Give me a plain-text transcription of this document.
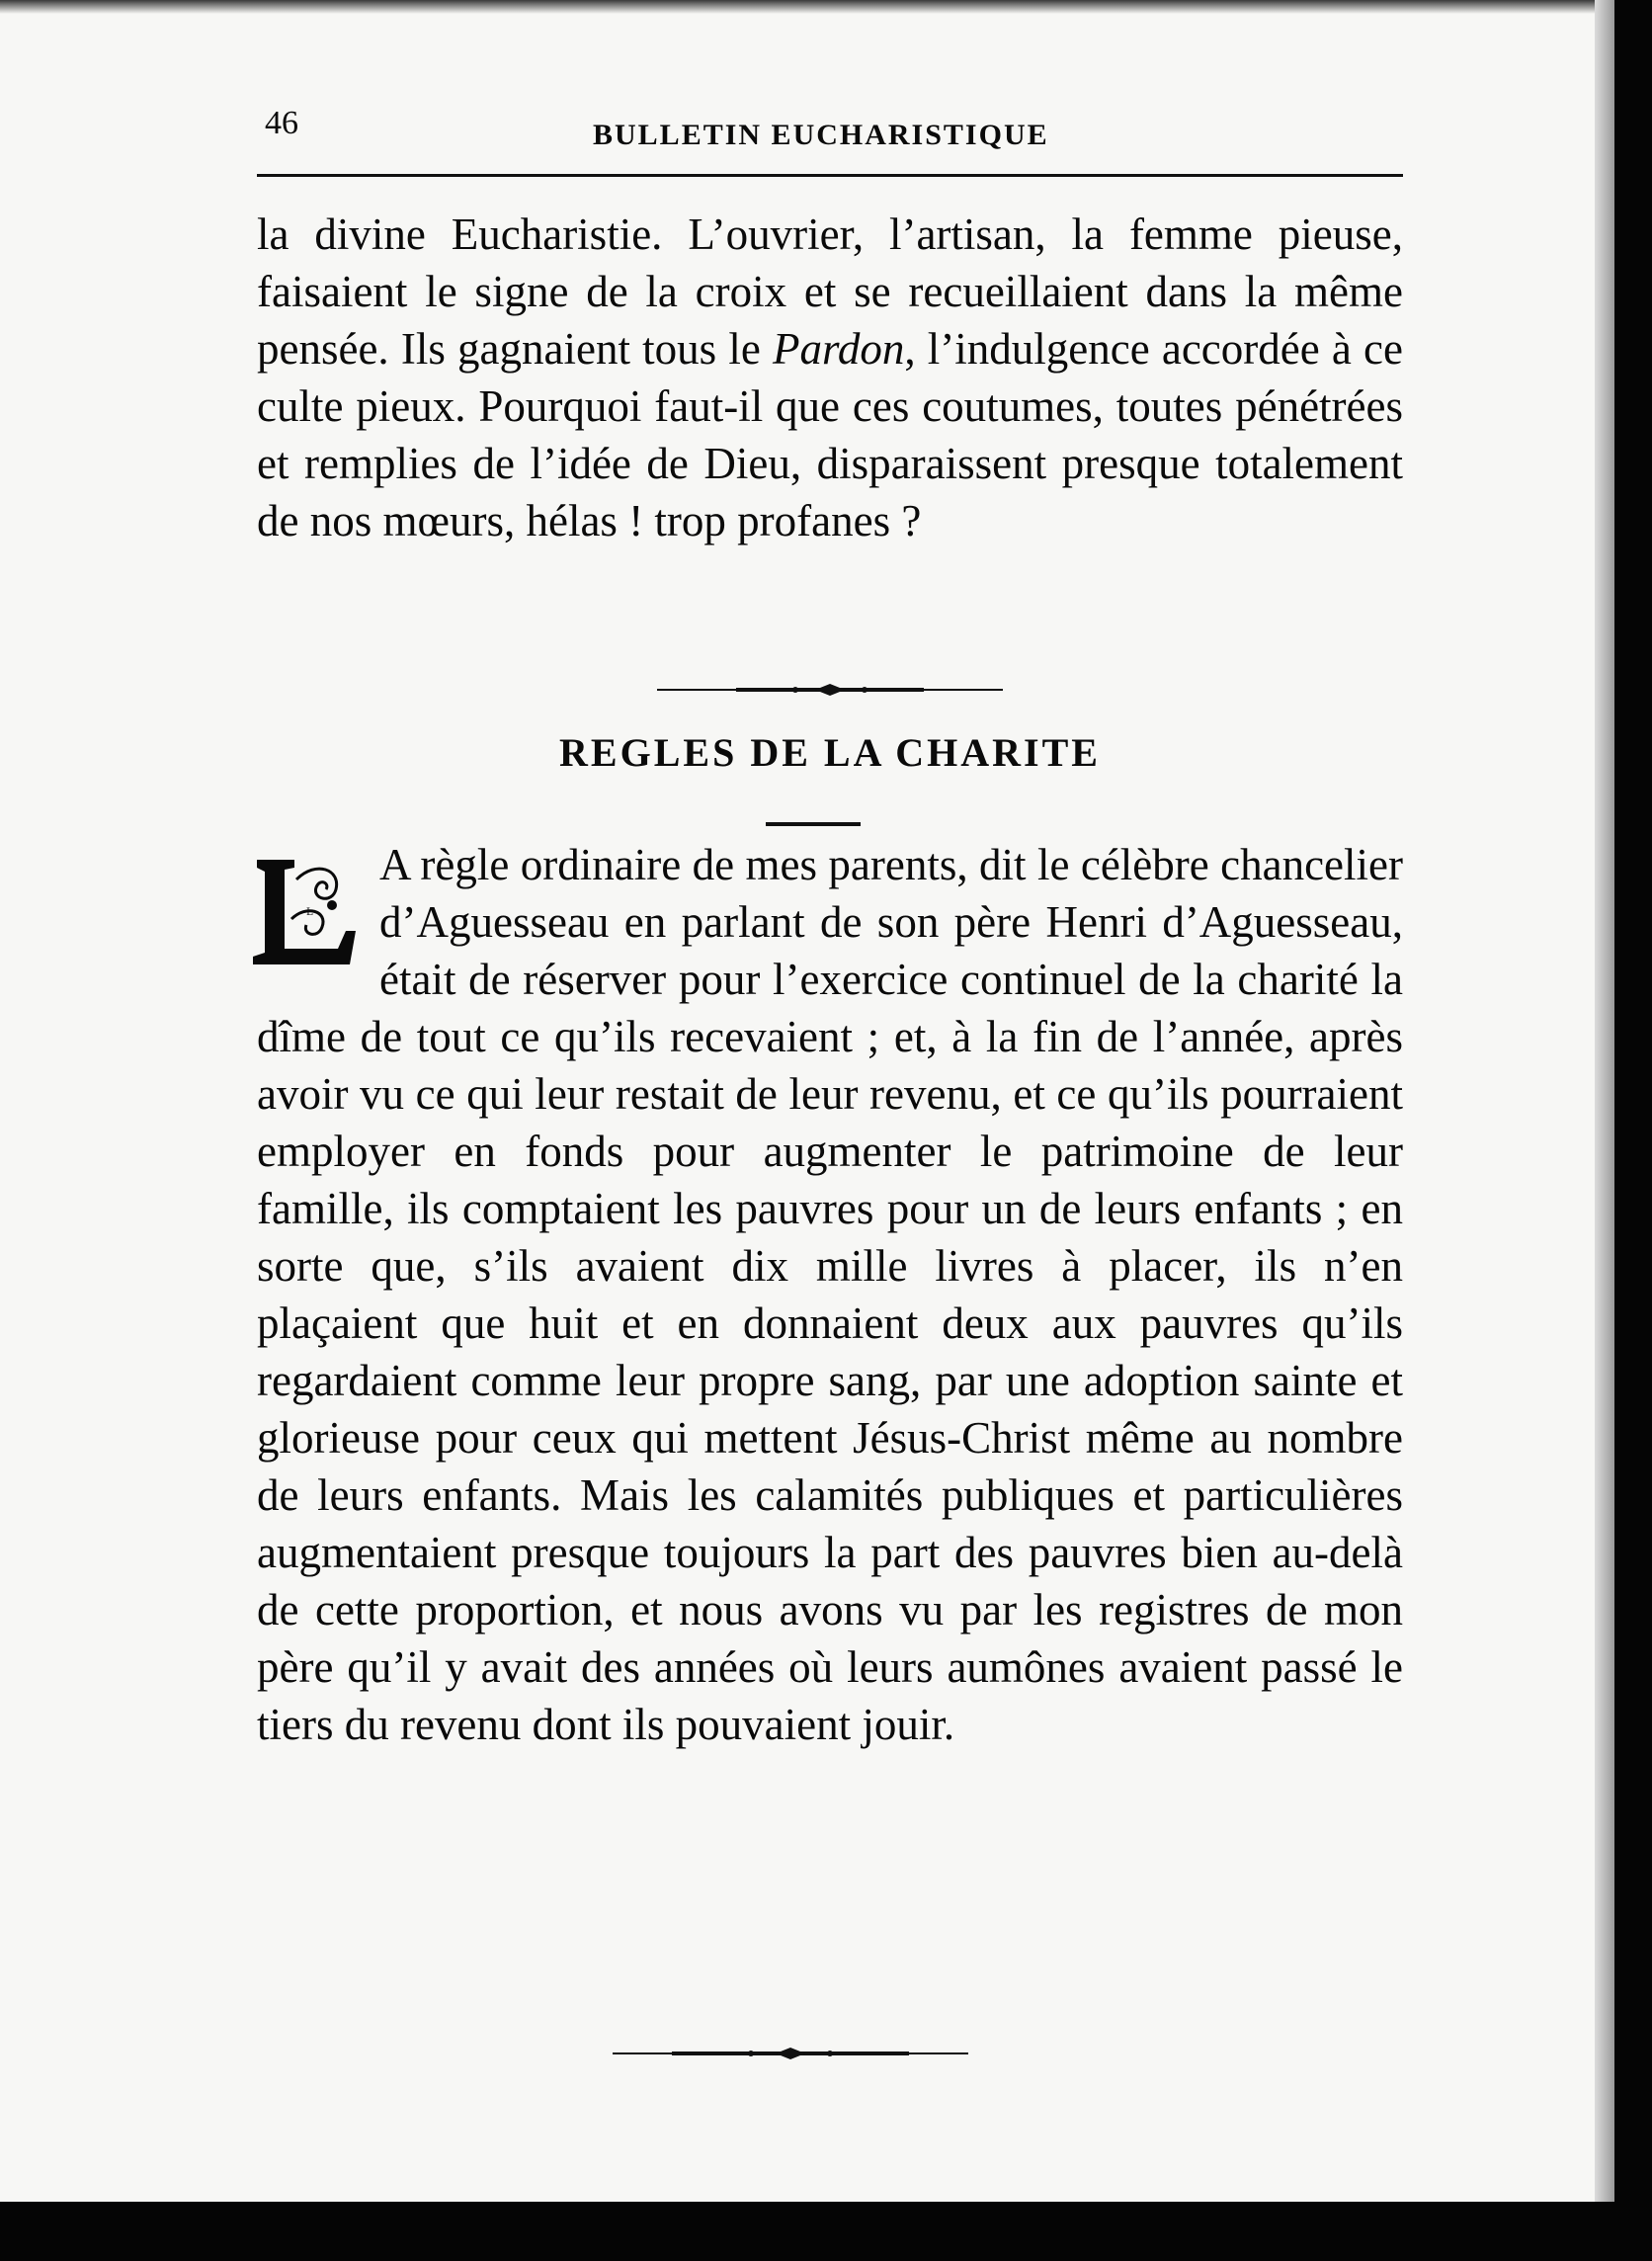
46	BULLETIN EUCHARISTIQUE

la divine Eucharistie. L’ouvrier, l’artisan, la femme pieuse, faisaient le signe de la croix et se recueillaient dans la même pensée. Ils gagnaient tous le Pardon, l’indulgence accordée à ce culte pieux. Pourquoi faut-il que ces coutumes, toutes pénétrées et remplies de l’idée de Dieu, disparaissent presque totalement de nos mœurs, hélas ! trop profanes ?

REGLES DE LA CHARITE

L
A règle ordinaire de mes parents, dit le célèbre chancelier d’Aguesseau en parlant de son père Henri d’Aguesseau, était de réserver pour l’exercice continuel de la charité la dîme de tout ce qu’ils recevaient ; et, à la fin de l’année, après avoir vu ce qui leur restait de leur revenu, et ce qu’ils pourraient employer en fonds pour augmenter le patrimoine de leur famille, ils comptaient les pauvres pour un de leurs enfants ; en sorte que, s’ils avaient dix mille livres à placer, ils n’en plaçaient que huit et en donnaient deux aux pauvres qu’ils regardaient comme leur propre sang, par une adoption sainte et glorieuse pour ceux qui mettent Jésus-Christ même au nombre de leurs enfants. Mais les calamités publiques et particulières augmentaient presque toujours la part des pauvres bien au-delà de cette proportion, et nous avons vu par les registres de mon père qu’il y avait des années où leurs aumônes avaient passé le tiers du revenu dont ils pouvaient jouir.
